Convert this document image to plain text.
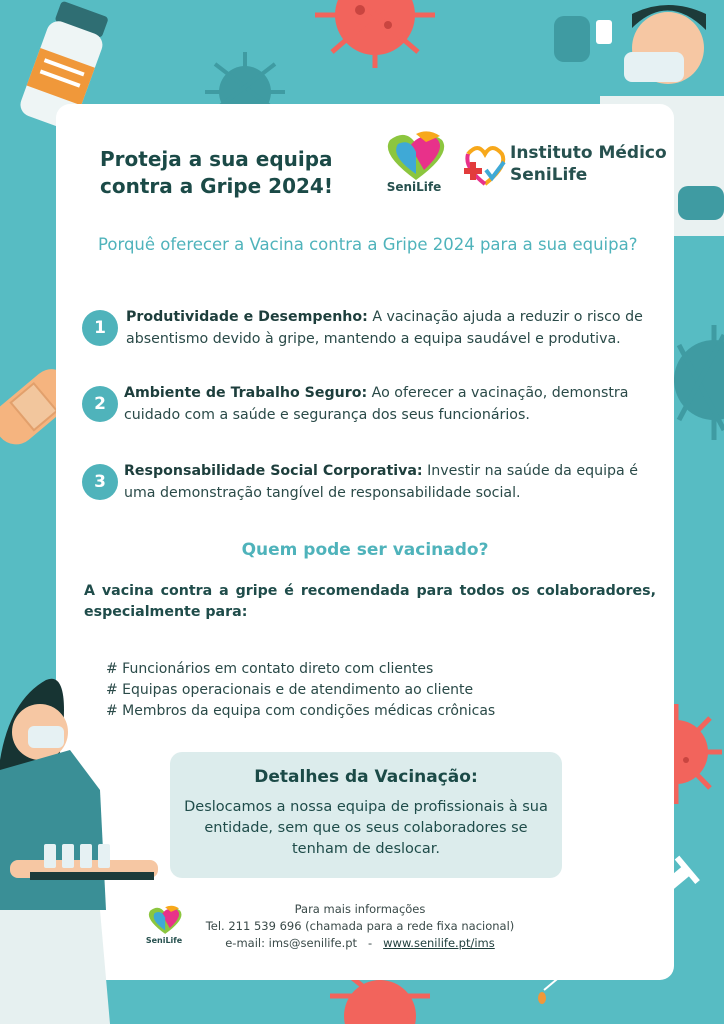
Proteja a sua equipa
contra a Gripe 2024!	SeniLife
Instituto Médico
SeniLife
Porquê oferecer a Vacina contra a Gripe 2024 para a sua equipa?
1
Produtividade e Desempenho: A vacinação ajuda a reduzir o risco de absentismo devido à gripe, mantendo a equipa saudável e produtiva.
2
Ambiente de Trabalho Seguro: Ao oferecer a vacinação, demonstra cuidado com a saúde e segurança dos seus funcionários.
3
Responsabilidade Social Corporativa: Investir na saúde da equipa é uma demonstração tangível de responsabilidade social.
Quem pode ser vacinado?
A vacina contra a gripe é recomendada para todos os colaboradores, especialmente para:
# Funcionários em contato direto com clientes
# Equipas operacionais e de atendimento ao cliente
# Membros da equipa com condições médicas crônicas
Detalhes da Vacinação:
Deslocamos a nossa equipa de profissionais à sua entidade, sem que os seus colaboradores se tenham de deslocar.
SeniLife
Para mais informações
Tel. 211 539 696 (chamada para a rede fixa nacional)
e-mail: ims@senilife.pt - www.senilife.pt/ims
